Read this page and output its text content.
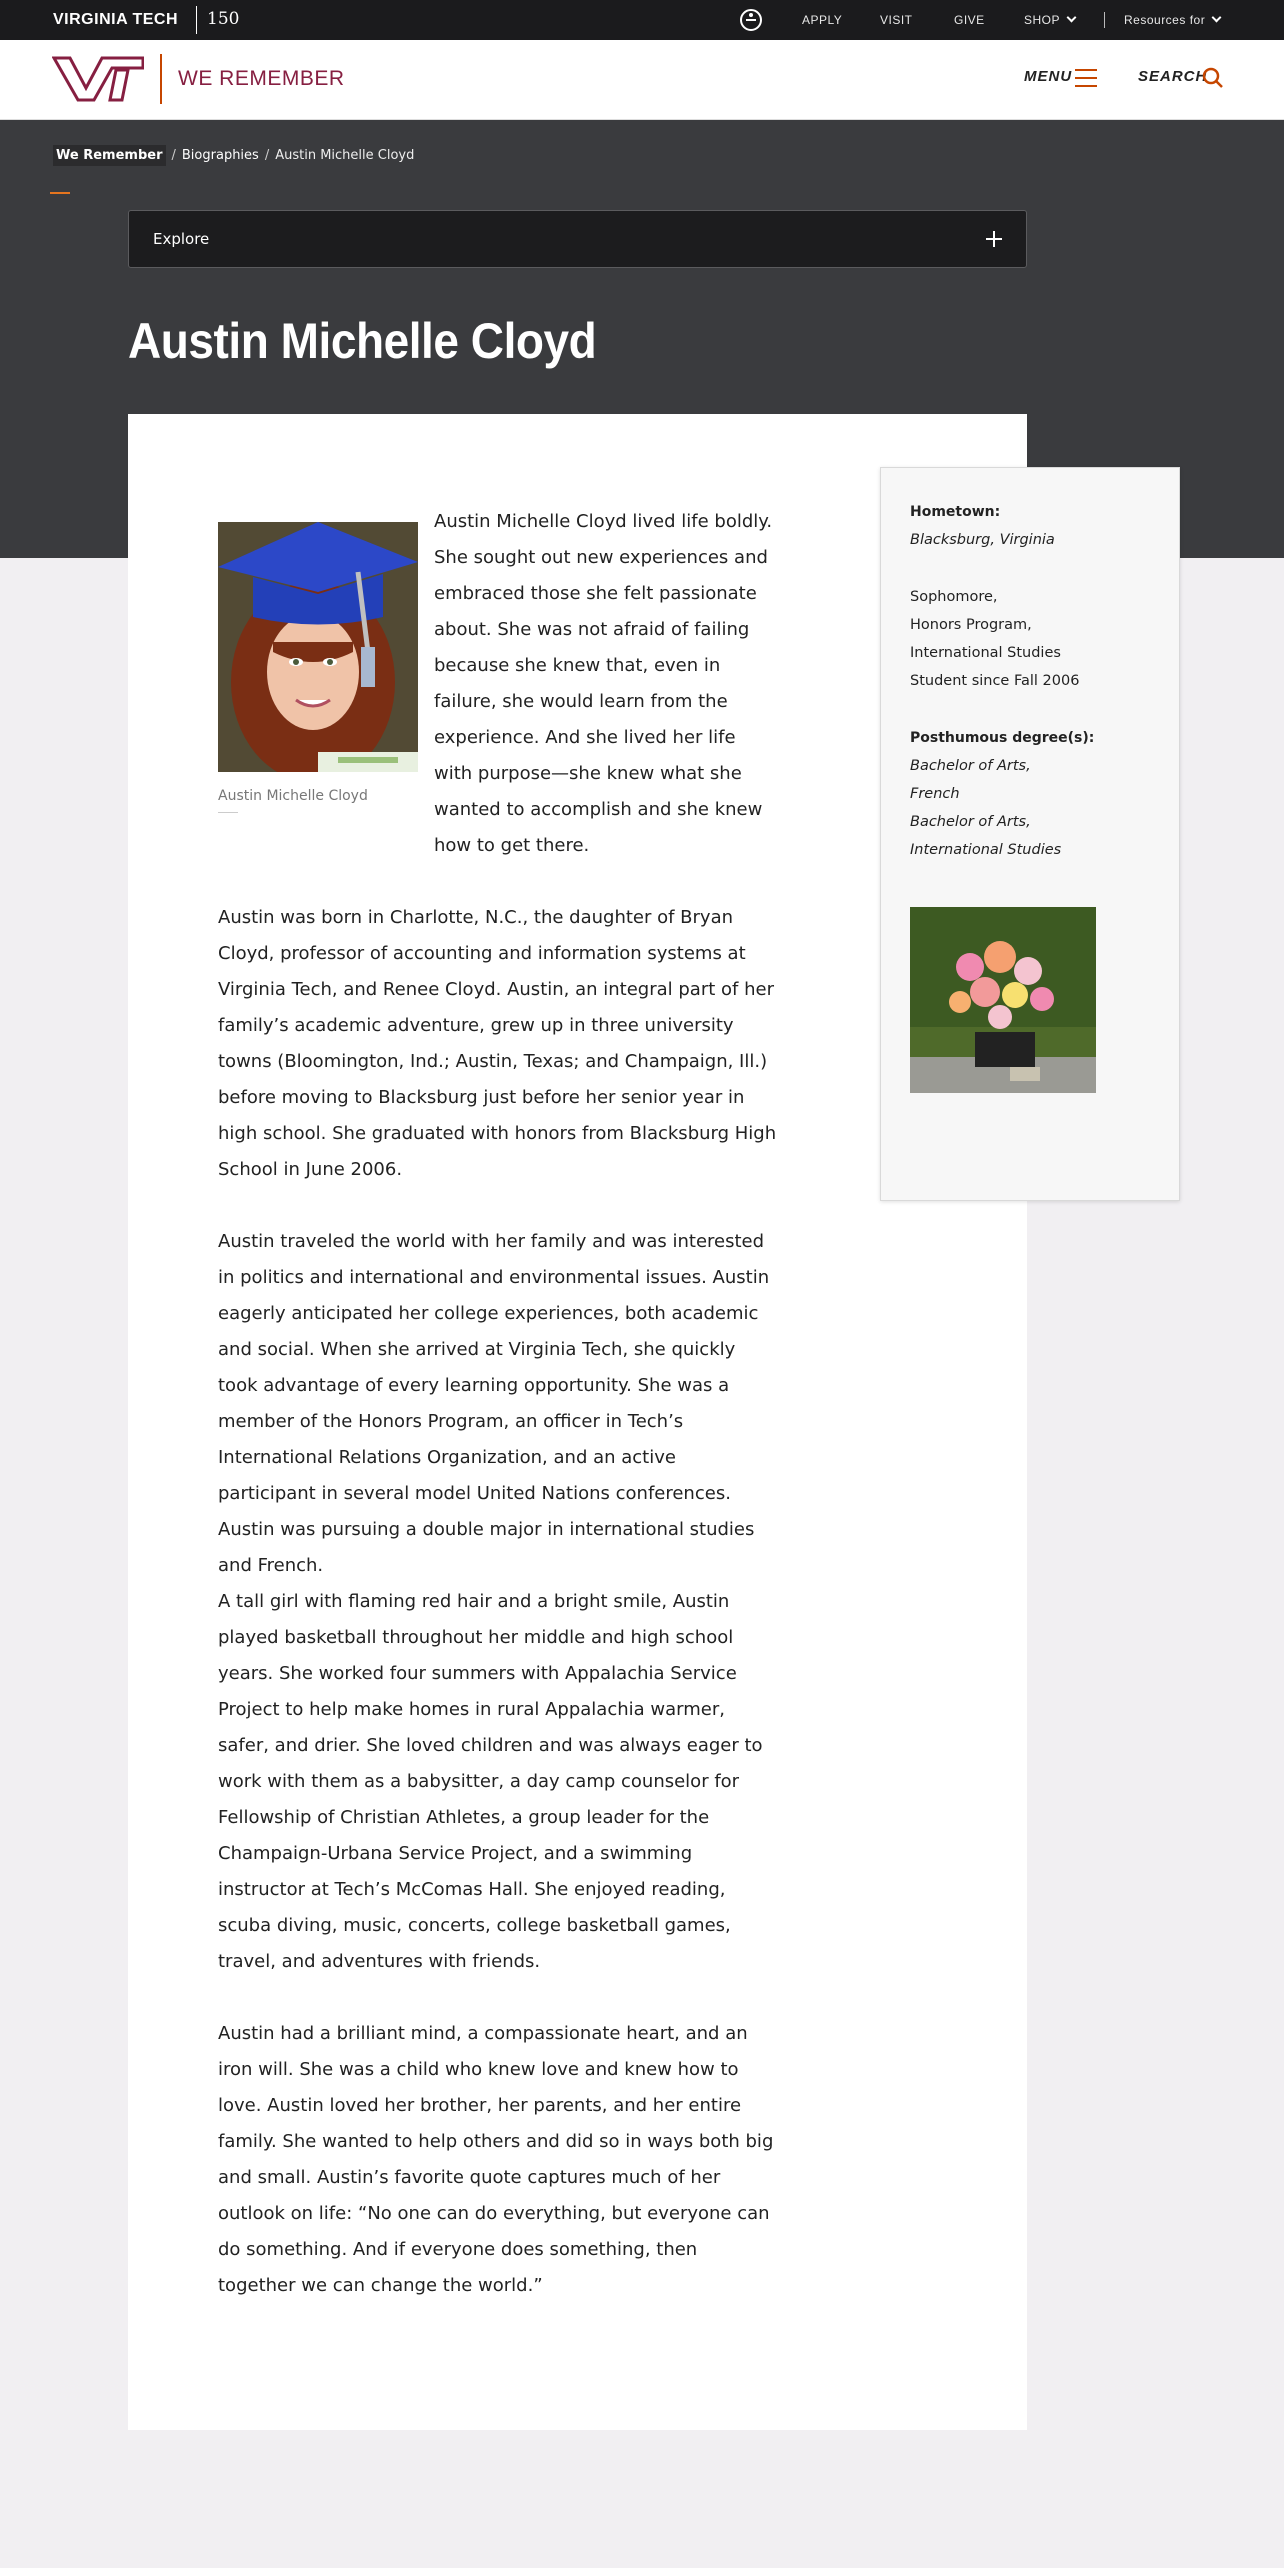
VIRGINIA TECH 150	APPLY	VISIT	GIVE	SHOP	Resources for
WE REMEMBER	MENU	SEARCH
We Remember / Biographies / Austin Michelle Cloyd
Explore
Austin Michelle Cloyd
Austin Michelle Cloyd

Austin Michelle Cloyd lived life boldly. She sought out new experiences and embraced those she felt passionate about. She was not afraid of failing because she knew that, even in failure, she would learn from the experience. And she lived her life with purpose—she knew what she wanted to accomplish and she knew how to get there.

Austin was born in Charlotte, N.C., the daughter of Bryan Cloyd, professor of accounting and information systems at Virginia Tech, and Renee Cloyd. Austin, an integral part of her family’s academic adventure, grew up in three university towns (Bloomington, Ind.; Austin, Texas; and Champaign, Ill.) before moving to Blacksburg just before her senior year in high school. She graduated with honors from Blacksburg High School in June 2006.

Austin traveled the world with her family and was interested in politics and international and environmental issues. Austin eagerly anticipated her college experiences, both academic and social. When she arrived at Virginia Tech, she quickly took advantage of every learning opportunity. She was a member of the Honors Program, an officer in Tech’s International Relations Organization, and an active participant in several model United Nations conferences. Austin was pursuing a double major in international studies and French.

A tall girl with flaming red hair and a bright smile, Austin played basketball throughout her middle and high school years. She worked four summers with Appalachia Service Project to help make homes in rural Appalachia warmer, safer, and drier. She loved children and was always eager to work with them as a babysitter, a day camp counselor for Fellowship of Christian Athletes, a group leader for the Champaign-Urbana Service Project, and a swimming instructor at Tech’s McComas Hall. She enjoyed reading, scuba diving, music, concerts, college basketball games, travel, and adventures with friends.

Austin had a brilliant mind, a compassionate heart, and an iron will. She was a child who knew love and knew how to love. Austin loved her brother, her parents, and her entire family. She wanted to help others and did so in ways both big and small. Austin’s favorite quote captures much of her outlook on life: “No one can do everything, but everyone can do something. And if everyone does something, then together we can change the world.”

Hometown:
Blacksburg, Virginia
Sophomore,
Honors Program,
International Studies
Student since Fall 2006
Posthumous degree(s):
Bachelor of Arts,
French
Bachelor of Arts,
International Studies
